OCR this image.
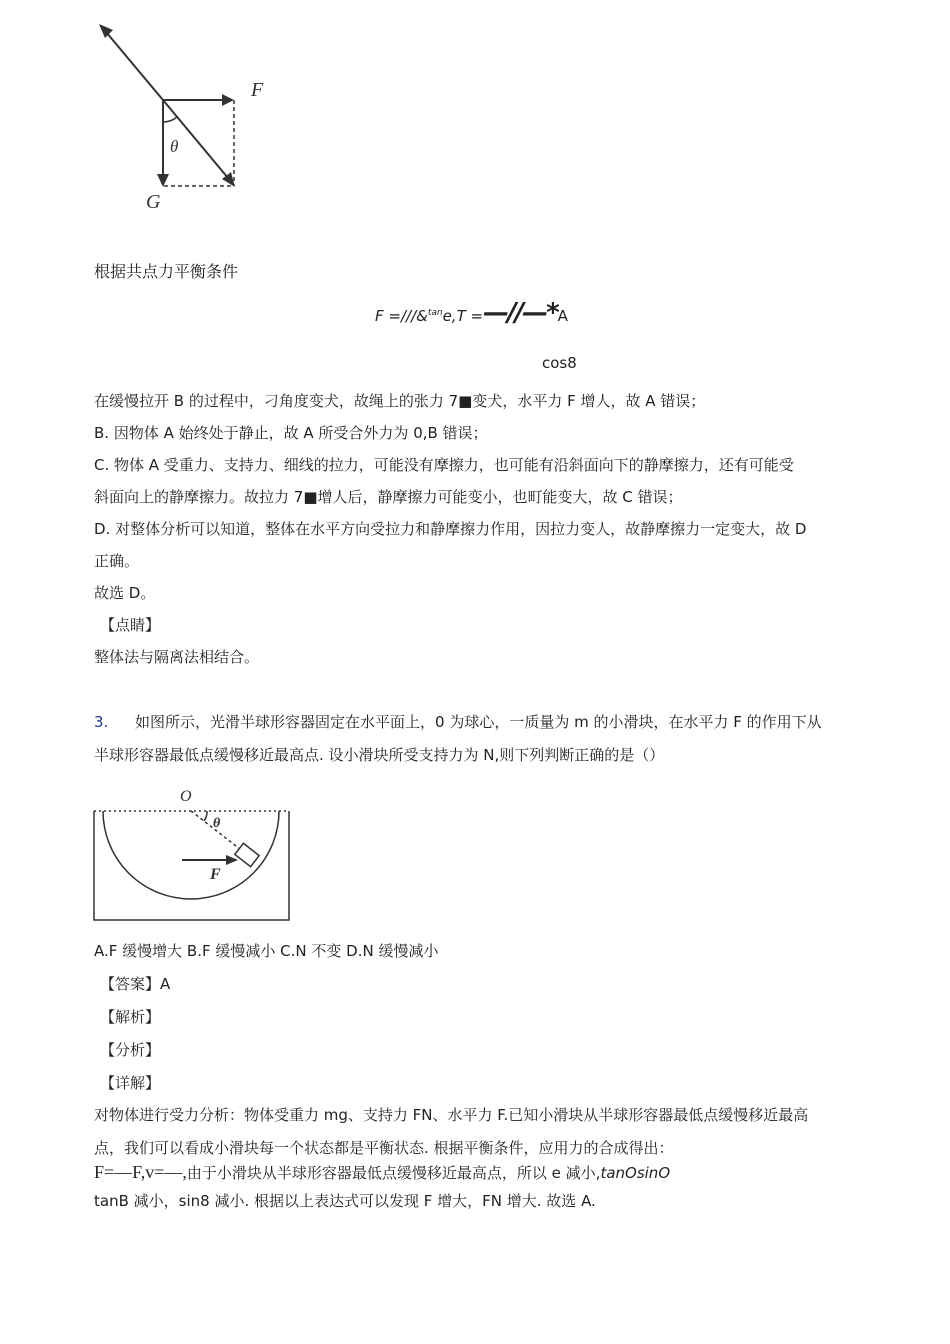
F
θ
G
根据共点力平衡条件
F =///&$^{tan}$e,T =—//—*A
cos8
在缓慢拉开 B 的过程中，刁角度变犬，故绳上的张力 7■变犬，水平力 F 增人，故 A 错误；
B. 因物体 A 始终处于静止，故 A 所受合外力为 0,B 错误；
C. 物体 A 受重力、支持力、细线的拉力，可能没有摩擦力，也可能有沿斜面向下的静摩擦力，还有可能受
斜面向上的静摩擦力。故拉力 7■增人后，静摩擦力可能变小，也町能变大，故 C 错误；
D. 对整体分析可以知道，整体在水平方向受拉力和静摩擦力作用，因拉力变人，故静摩擦力一定变大，故 D
正确。
故选 D。
【点睛】
整体法与隔离法相结合。
3. 如图所示，光滑半球形容器固定在水平面上，0 为球心，一质量为 m 的小滑块，在水平力 F 的作用下从
半球形容器最低点缓慢移近最高点. 设小滑块所受支持力为 N,则下列判断正确的是（）
O
θ
F
A.F 缓慢增大 B.F 缓慢减小 C.N 不变 D.N 缓慢减小
【答案】A
【解析】
【分析】
【详解】
对物体进行受力分析：物体受重力 mg、支持力 FN、水平力 F.已知小滑块从半球形容器最低点缓慢移近最高
点，我们可以看成小滑块每一个状态都是平衡状态. 根据平衡条件，应用力的合成得出：
F=—F,v=—,由于小滑块从半球形容器最低点缓慢移近最高点，所以 e 减小,tanOsinO
tanB 减小，sin8 减小. 根据以上表达式可以发现 F 增大，FN 增大. 故选 A.
